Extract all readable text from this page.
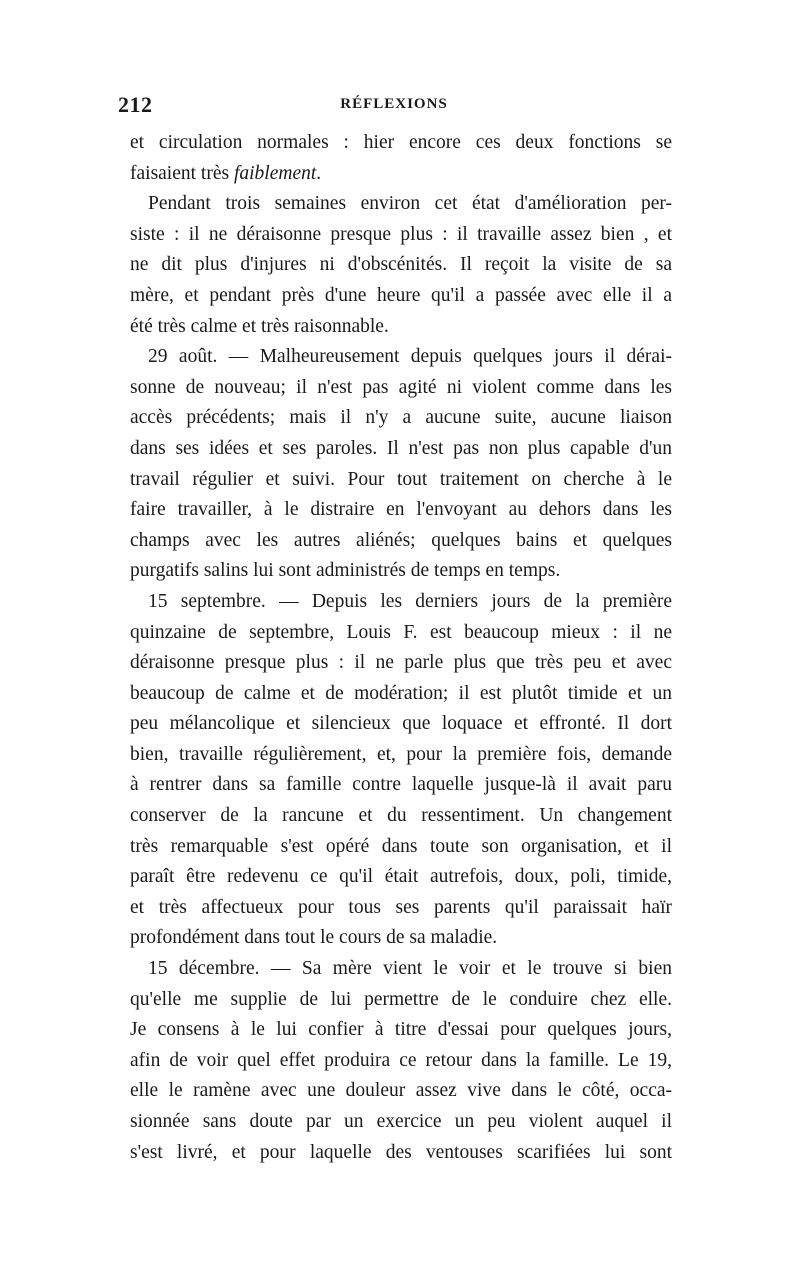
212	RÉFLEXIONS
et circulation normales : hier encore ces deux fonctions se
faisaient très faiblement.
Pendant trois semaines environ cet état d'amélioration per-
siste : il ne déraisonne presque plus : il travaille assez bien , et
ne dit plus d'injures ni d'obscénités. Il reçoit la visite de sa
mère, et pendant près d'une heure qu'il a passée avec elle il a
été très calme et très raisonnable.
29 août. — Malheureusement depuis quelques jours il dérai-
sonne de nouveau; il n'est pas agité ni violent comme dans les
accès précédents; mais il n'y a aucune suite, aucune liaison
dans ses idées et ses paroles. Il n'est pas non plus capable d'un
travail régulier et suivi. Pour tout traitement on cherche à le
faire travailler, à le distraire en l'envoyant au dehors dans les
champs avec les autres aliénés; quelques bains et quelques
purgatifs salins lui sont administrés de temps en temps.
15 septembre. — Depuis les derniers jours de la première
quinzaine de septembre, Louis F. est beaucoup mieux : il ne
déraisonne presque plus : il ne parle plus que très peu et avec
beaucoup de calme et de modération; il est plutôt timide et un
peu mélancolique et silencieux que loquace et effronté. Il dort
bien, travaille régulièrement, et, pour la première fois, demande
à rentrer dans sa famille contre laquelle jusque-là il avait paru
conserver de la rancune et du ressentiment. Un changement
très remarquable s'est opéré dans toute son organisation, et il
paraît être redevenu ce qu'il était autrefois, doux, poli, timide,
et très affectueux pour tous ses parents qu'il paraissait haïr
profondément dans tout le cours de sa maladie.
15 décembre. — Sa mère vient le voir et le trouve si bien
qu'elle me supplie de lui permettre de le conduire chez elle.
Je consens à le lui confier à titre d'essai pour quelques jours,
afin de voir quel effet produira ce retour dans la famille. Le 19,
elle le ramène avec une douleur assez vive dans le côté, occa-
sionnée sans doute par un exercice un peu violent auquel il
s'est livré, et pour laquelle des ventouses scarifiées lui sont
